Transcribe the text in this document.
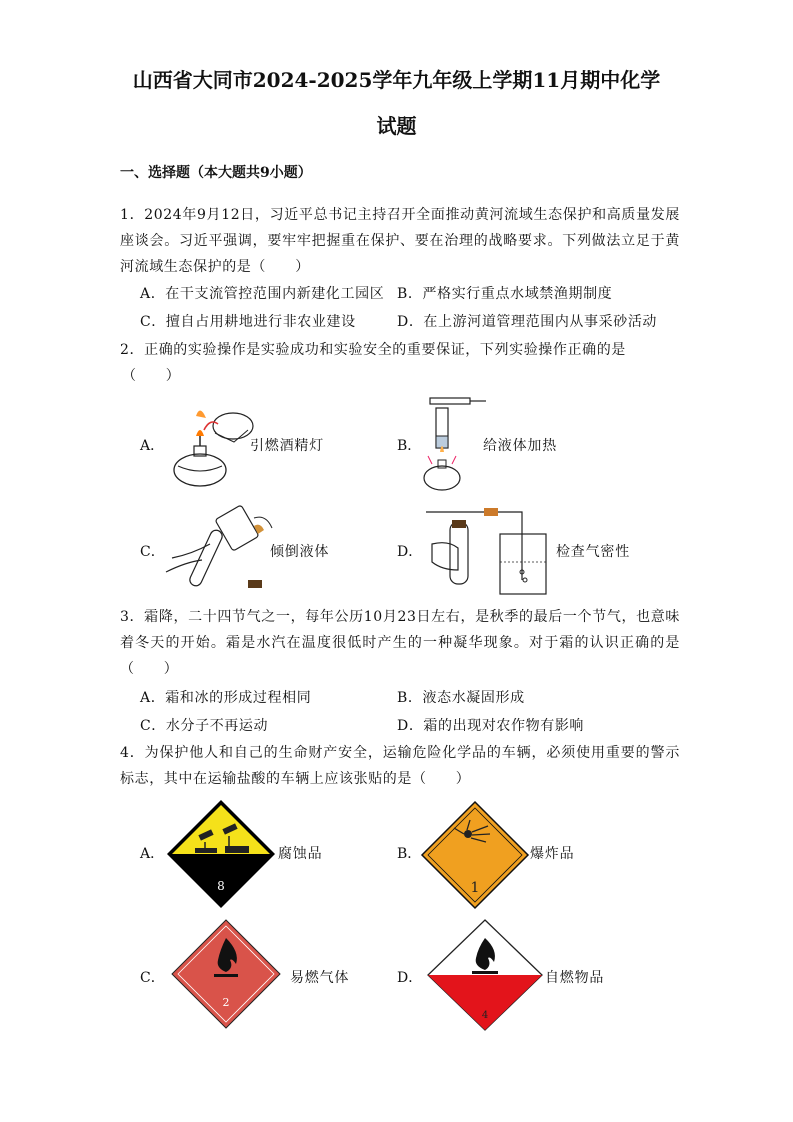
山西省大同市2024-2025学年九年级上学期11月期中化学
试题
一、选择题（本大题共9小题）
1．2024年9月12日，习近平总书记主持召开全面推动黄河流域生态保护和高质量发展座谈会。习近平强调，要牢牢把握重在保护、要在治理的战略要求。下列做法立足于黄河流域生态保护的是（　　）
A．在干支流管控范围内新建化工园区 B．严格实行重点水域禁渔期制度
C．擅自占用耕地进行非农业建设	D．在上游河道管理范围内从事采砂活动
2．正确的实验操作是实验成功和实验安全的重要保证，下列实验操作正确的是
（　　）
A．	引燃酒精灯	B．	给液体加热
C．	倾倒液体	D．	检查气密性
3．霜降，二十四节气之一，每年公历10月23日左右，是秋季的最后一个节气，也意味着冬天的开始。霜是水汽在温度很低时产生的一种凝华现象。对于霜的认识正确的是（　　）
A．霜和冰的形成过程相同	B．液态水凝固形成
C．水分子不再运动	D．霜的出现对农作物有影响
4．为保护他人和自己的生命财产安全，运输危险化学品的车辆，必须使用重要的警示标志，其中在运输盐酸的车辆上应该张贴的是（　　）
A．
8
腐蚀品	B．
1
爆炸品
C．
2
易燃气体	D．
4
自燃物品
